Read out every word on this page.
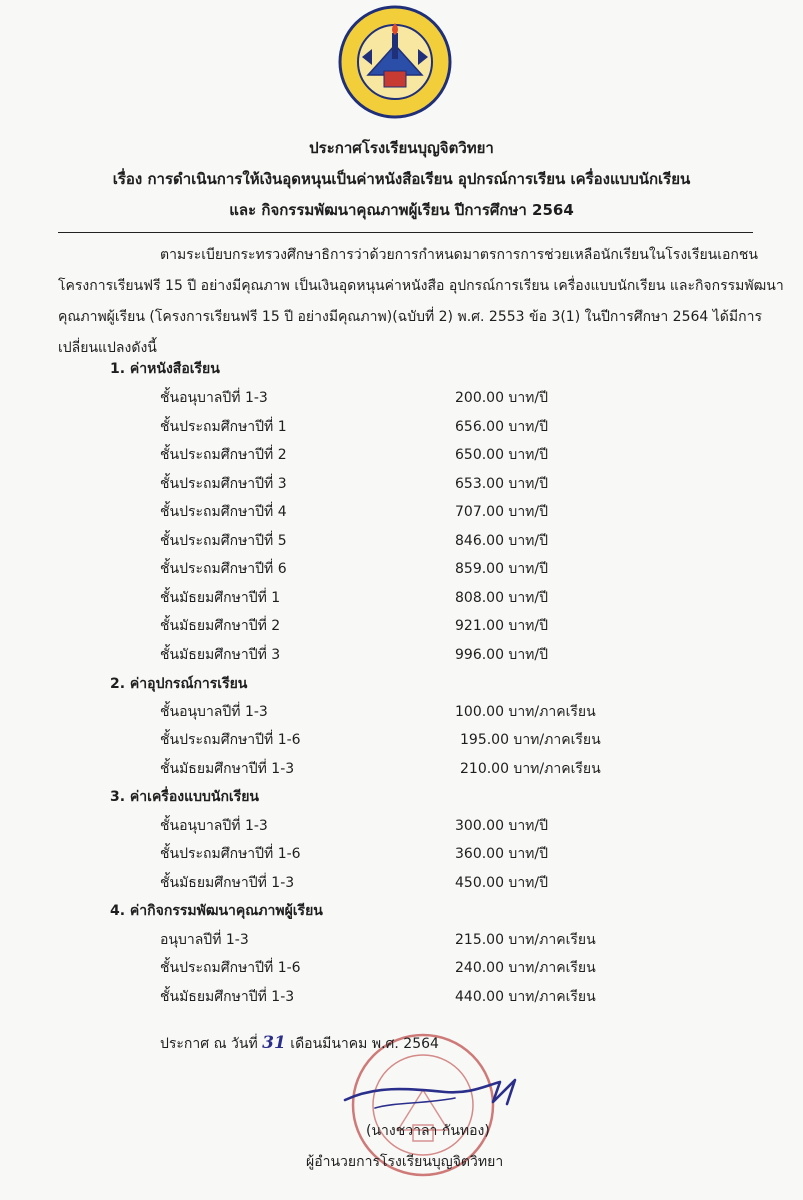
ประกาศโรงเรียนบุญจิตวิทยา
เรื่อง การดำเนินการให้เงินอุดหนุนเป็นค่าหนังสือเรียน อุปกรณ์การเรียน เครื่องแบบนักเรียน
และ กิจกรรมพัฒนาคุณภาพผู้เรียน ปีการศึกษา 2564
ตามระเบียบกระทรวงศึกษาธิการว่าด้วยการกำหนดมาตรการการช่วยเหลือนักเรียนในโรงเรียนเอกชน
โครงการเรียนฟรี 15 ปี อย่างมีคุณภาพ เป็นเงินอุดหนุนค่าหนังสือ อุปกรณ์การเรียน เครื่องแบบนักเรียน และกิจกรรมพัฒนา
คุณภาพผู้เรียน (โครงการเรียนฟรี 15 ปี อย่างมีคุณภาพ)(ฉบับที่ 2) พ.ศ. 2553 ข้อ 3(1) ในปีการศึกษา 2564 ได้มีการ
เปลี่ยนแปลงดังนี้
1. ค่าหนังสือเรียน
ชั้นอนุบาลปีที่ 1-3	200.00 บาท/ปี
ชั้นประถมศึกษาปีที่ 1	656.00 บาท/ปี
ชั้นประถมศึกษาปีที่ 2	650.00 บาท/ปี
ชั้นประถมศึกษาปีที่ 3	653.00 บาท/ปี
ชั้นประถมศึกษาปีที่ 4	707.00 บาท/ปี
ชั้นประถมศึกษาปีที่ 5	846.00 บาท/ปี
ชั้นประถมศึกษาปีที่ 6	859.00 บาท/ปี
ชั้นมัธยมศึกษาปีที่ 1	808.00 บาท/ปี
ชั้นมัธยมศึกษาปีที่ 2	921.00 บาท/ปี
ชั้นมัธยมศึกษาปีที่ 3	996.00 บาท/ปี
2. ค่าอุปกรณ์การเรียน
ชั้นอนุบาลปีที่ 1-3	100.00 บาท/ภาคเรียน
ชั้นประถมศึกษาปีที่ 1-6	195.00 บาท/ภาคเรียน
ชั้นมัธยมศึกษาปีที่ 1-3	210.00 บาท/ภาคเรียน
3. ค่าเครื่องแบบนักเรียน
ชั้นอนุบาลปีที่ 1-3	300.00 บาท/ปี
ชั้นประถมศึกษาปีที่ 1-6	360.00 บาท/ปี
ชั้นมัธยมศึกษาปีที่ 1-3	450.00 บาท/ปี
4. ค่ากิจกรรมพัฒนาคุณภาพผู้เรียน
อนุบาลปีที่ 1-3	215.00 บาท/ภาคเรียน
ชั้นประถมศึกษาปีที่ 1-6	240.00 บาท/ภาคเรียน
ชั้นมัธยมศึกษาปีที่ 1-3	440.00 บาท/ภาคเรียน
ประกาศ ณ วันที่ 31 เดือนมีนาคม พ.ศ. 2564
(นางชวาลา กันทอง)
ผู้อำนวยการโรงเรียนบุญจิตวิทยา
